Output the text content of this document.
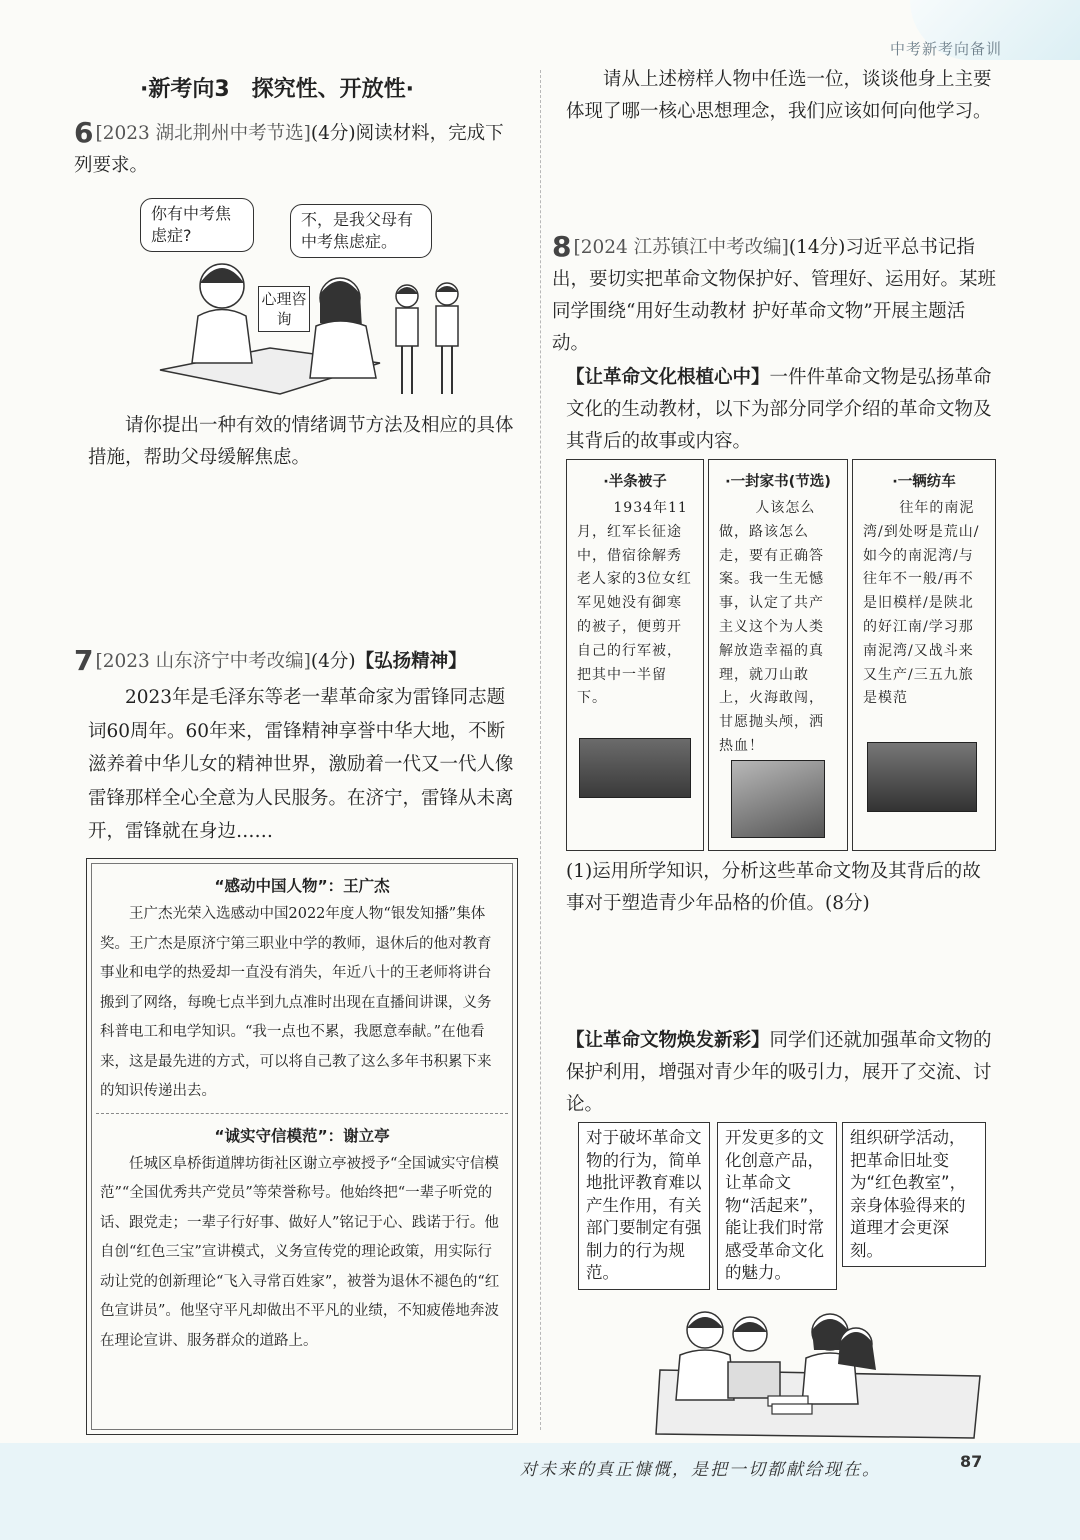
中考新考向备训
·新考向3　探究性、开放性·
6 [2023 湖北荆州中考节选](4分)阅读材料，完成下列要求。
你有中考焦虑症?
不，是我父母有中考焦虑症。
心理咨询
请你提出一种有效的情绪调节方法及相应的具体措施，帮助父母缓解焦虑。
7 [2023 山东济宁中考改编](4分)【弘扬精神】
2023年是毛泽东等老一辈革命家为雷锋同志题词60周年。60年来，雷锋精神享誉中华大地，不断滋养着中华儿女的精神世界，激励着一代又一代人像雷锋那样全心全意为人民服务。在济宁，雷锋从未离开，雷锋就在身边……
“感动中国人物”：王广杰
王广杰光荣入选感动中国2022年度人物“银发知播”集体奖。王广杰是原济宁第三职业中学的教师，退休后的他对教育事业和电学的热爱却一直没有消失，年近八十的王老师将讲台搬到了网络，每晚七点半到九点准时出现在直播间讲课，义务科普电工和电学知识。“我一点也不累，我愿意奉献。”在他看来，这是最先进的方式，可以将自己教了这么多年书积累下来的知识传递出去。
“诚实守信模范”：谢立亭
任城区阜桥街道牌坊街社区谢立亭被授予“全国诚实守信模范”“全国优秀共产党员”等荣誉称号。他始终把“一辈子听党的话、跟党走；一辈子行好事、做好人”铭记于心、践诺于行。他自创“红色三宝”宣讲模式，义务宣传党的理论政策，用实际行动让党的创新理论“飞入寻常百姓家”，被誉为退休不褪色的“红色宣讲员”。他坚守平凡却做出不平凡的业绩，不知疲倦地奔波在理论宣讲、服务群众的道路上。
请从上述榜样人物中任选一位，谈谈他身上主要体现了哪一核心思想理念，我们应该如何向他学习。
8 [2024 江苏镇江中考改编](14分)习近平总书记指出，要切实把革命文物保护好、管理好、运用好。某班同学围绕“用好生动教材 护好革命文物”开展主题活动。
【让革命文化根植心中】一件件革命文物是弘扬革命文化的生动教材，以下为部分同学介绍的革命文物及其背后的故事或内容。
·半条被子
1934年11月，红军长征途中，借宿徐解秀老人家的3位女红军见她没有御寒的被子，便剪开自己的行军被，把其中一半留下。
·一封家书(节选)
人该怎么做，路该怎么走，要有正确答案。我一生无憾事，认定了共产主义这个为人类解放造幸福的真理，就刀山敢上，火海敢闯，甘愿抛头颅，洒热血！
·一辆纺车
往年的南泥湾/到处呀是荒山/如今的南泥湾/与往年不一般/再不是旧模样/是陕北的好江南/学习那南泥湾/又战斗来又生产/三五九旅是模范
(1)运用所学知识，分析这些革命文物及其背后的故事对于塑造青少年品格的价值。(8分)
【让革命文物焕发新彩】同学们还就加强革命文物的保护利用，增强对青少年的吸引力，展开了交流、讨论。
对于破坏革命文物的行为，简单地批评教育难以产生作用，有关部门要制定有强制力的行为规范。
开发更多的文化创意产品，让革命文物“活起来”，能让我们时常感受革命文化的魅力。
组织研学活动，把革命旧址变为“红色教室”，亲身体验得来的道理才会更深刻。
对未来的真正慷慨，是把一切都献给现在。	87
